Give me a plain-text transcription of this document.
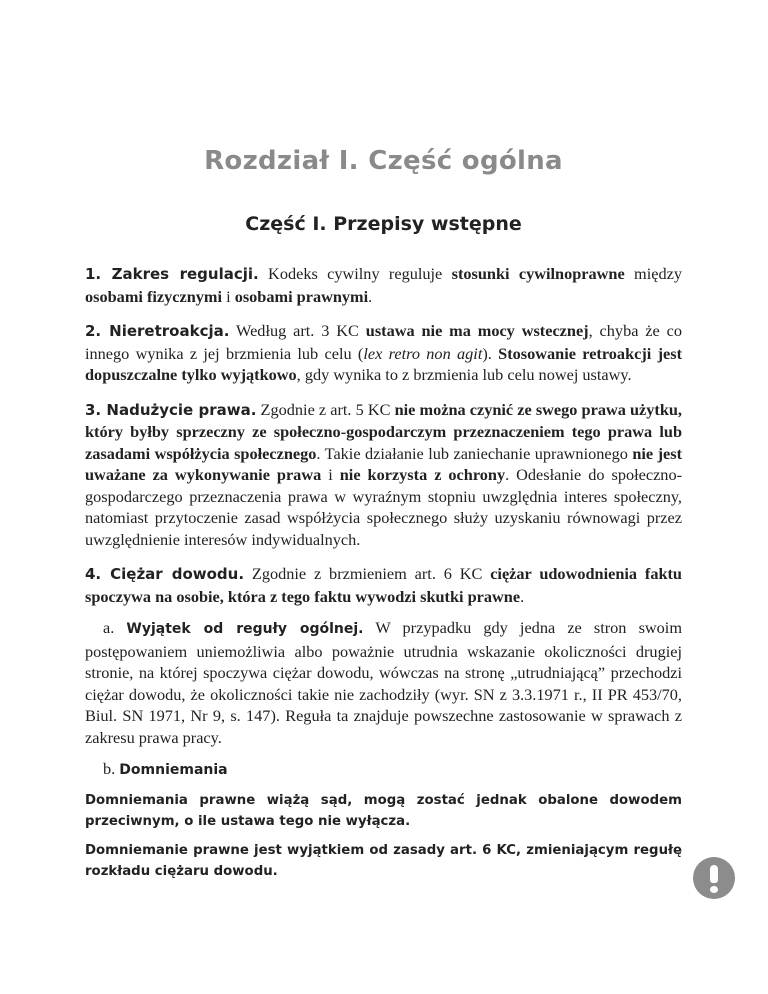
Rozdział I. Część ogólna
Część I. Przepisy wstępne

1. Zakres regulacji. Kodeks cywilny reguluje stosunki cywilnoprawne między osobami fizycznymi i osobami prawnymi.

2. Nieretroakcja. Według art. 3 KC ustawa nie ma mocy wstecznej, chyba że co innego wynika z jej brzmienia lub celu (lex retro non agit). Stosowanie retroakcji jest dopuszczalne tylko wyjątkowo, gdy wynika to z brzmienia lub celu nowej ustawy.

3. Nadużycie prawa. Zgodnie z art. 5 KC nie można czynić ze swego prawa użytku, który byłby sprzeczny ze społeczno-gospodarczym przeznaczeniem tego prawa lub zasadami współżycia społecznego. Takie działanie lub zaniechanie uprawnionego nie jest uważane za wykonywanie prawa i nie korzysta z ochrony. Odesłanie do społeczno-gospodarczego przeznaczenia prawa w wyraźnym stopniu uwzględnia interes społeczny, natomiast przytoczenie zasad współżycia społecznego służy uzyskaniu równowagi przez uwzględnienie interesów indywidualnych.

4. Ciężar dowodu. Zgodnie z brzmieniem art. 6 KC ciężar udowodnienia faktu spoczywa na osobie, która z tego faktu wywodzi skutki prawne.

a. Wyjątek od reguły ogólnej. W przypadku gdy jedna ze stron swoim postępowaniem uniemożliwia albo poważnie utrudnia wskazanie okoliczności drugiej stronie, na której spoczywa ciężar dowodu, wówczas na stronę „utrudniającą” przechodzi ciężar dowodu, że okoliczności takie nie zachodziły (wyr. SN z 3.3.1971 r., II PR 453/70, Biul. SN 1971, Nr 9, s. 147). Reguła ta znajduje powszechne zastosowanie w sprawach z zakresu prawa pracy.

b. Domniemania

Domniemania prawne wiążą sąd, mogą zostać jednak obalone dowodem przeciwnym, o ile ustawa tego nie wyłącza.

Domniemanie prawne jest wyjątkiem od zasady art. 6 KC, zmieniającym regułę rozkładu ciężaru dowodu.
